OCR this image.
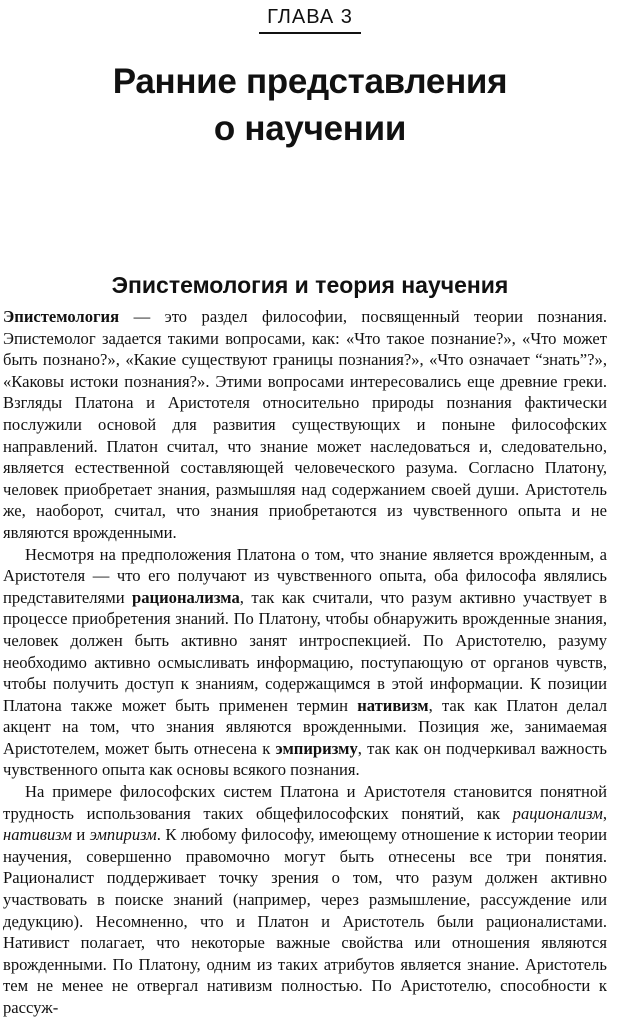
ГЛАВА 3
Ранние представления
о научении
Эпистемология и теория научения

Эпистемология — это раздел философии, посвященный теории познания. Эпистемолог задается такими вопросами, как: «Что такое познание?», «Что может быть познано?», «Какие существуют границы познания?», «Что означает “знать”?», «Каковы истоки познания?». Этими вопросами интересовались еще древние греки. Взгляды Платона и Аристотеля относительно природы познания фактически послужили основой для развития существующих и поныне философских направлений. Платон считал, что знание может наследоваться и, следовательно, является естественной составляющей человеческого разума. Согласно Платону, человек приобретает знания, размышляя над содержанием своей души. Аристотель же, наоборот, считал, что знания приобретаются из чувственного опыта и не являются врожденными.

Несмотря на предположения Платона о том, что знание является врожденным, а Аристотеля — что его получают из чувственного опыта, оба философа являлись представителями рационализма, так как считали, что разум активно участвует в процессе приобретения знаний. По Платону, чтобы обнаружить врожденные знания, человек должен быть активно занят интроспекцией. По Аристотелю, разуму необходимо активно осмысливать информацию, поступающую от органов чувств, чтобы получить доступ к знаниям, содержащимся в этой информации. К позиции Платона также может быть применен термин нативизм, так как Платон делал акцент на том, что знания являются врожденными. Позиция же, занимаемая Аристотелем, может быть отнесена к эмпиризму, так как он подчеркивал важность чувственного опыта как основы всякого познания.

На примере философских систем Платона и Аристотеля становится понятной трудность использования таких общефилософских понятий, как рационализм, нативизм и эмпиризм. К любому философу, имеющему отношение к истории теории научения, совершенно правомочно могут быть отнесены все три понятия. Рационалист поддерживает точку зрения о том, что разум должен активно участвовать в поиске знаний (например, через размышление, рассуждение или дедукцию). Несомненно, что и Платон и Аристотель были рационалистами. Нативист полагает, что некоторые важные свойства или отношения являются врожденными. По Платону, одним из таких атрибутов является знание. Аристотель тем не менее не отвергал нативизм полностью. По Аристотелю, способности к рассуж-
